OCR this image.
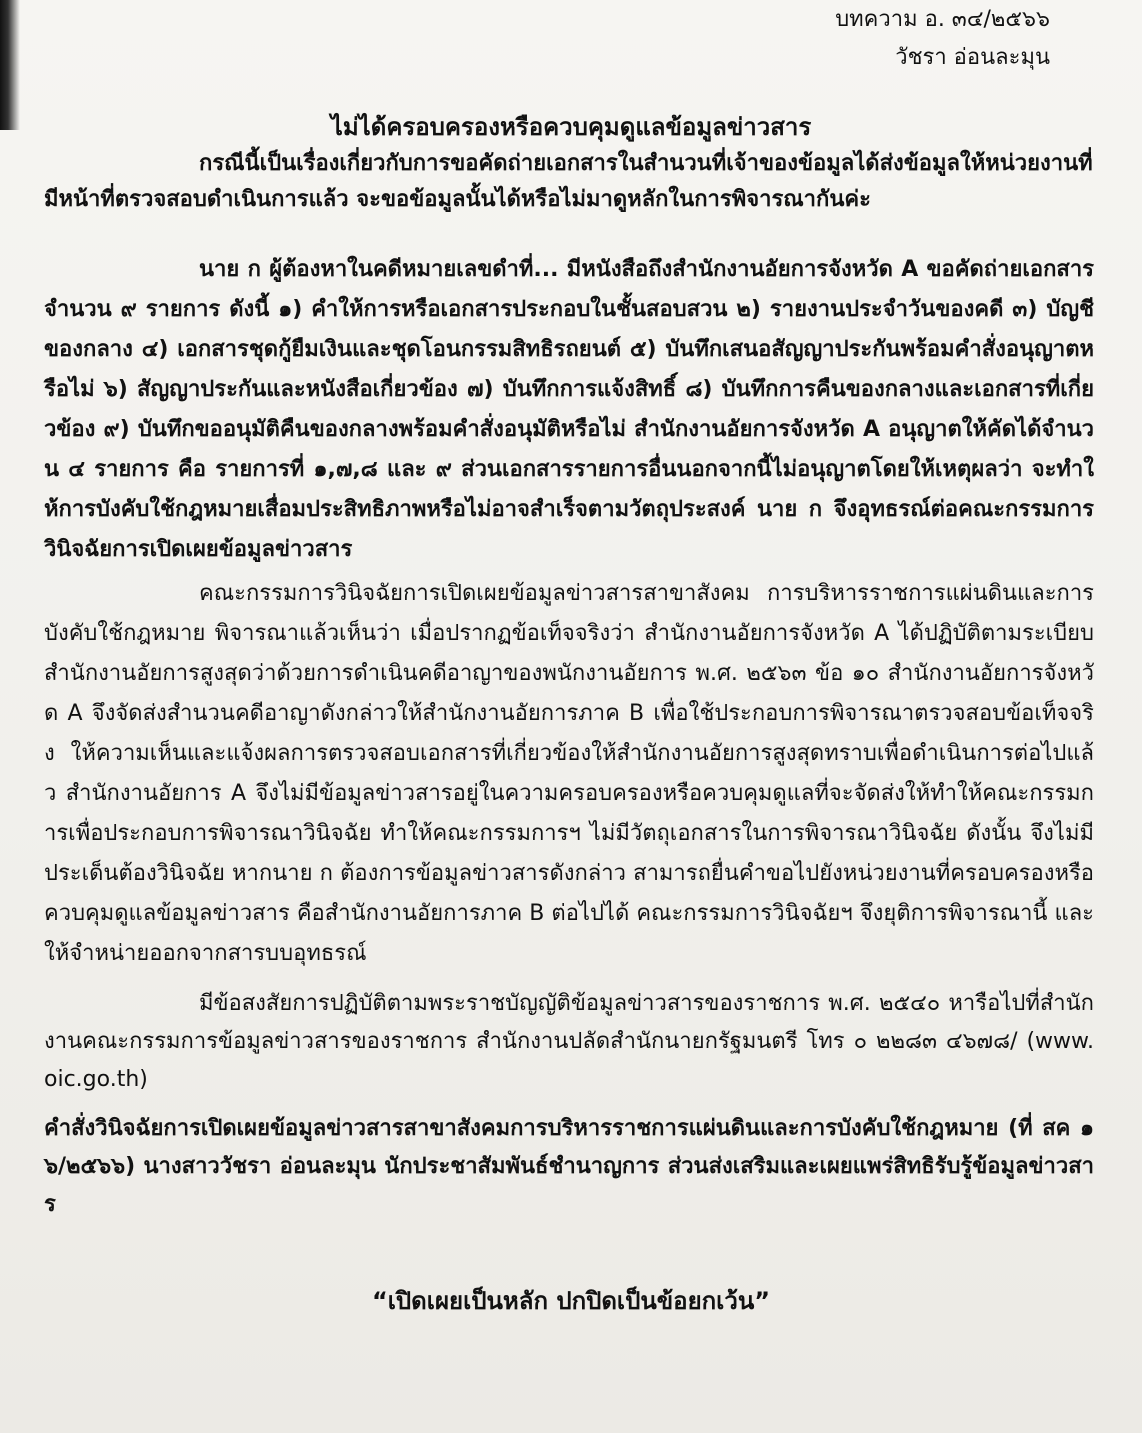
บทความ อ. ๓๔/๒๕๖๖
วัชรา อ่อนละมุน
ไม่ได้ครอบครองหรือควบคุมดูแลข้อมูลข่าวสาร

กรณีนี้เป็นเรื่องเกี่ยวกับการขอคัดถ่ายเอกสารในสำนวนที่เจ้าของข้อมูลได้ส่งข้อมูลให้หน่วยงานที่มีหน้าที่ตรวจสอบดำเนินการแล้ว จะขอข้อมูลนั้นได้หรือไม่มาดูหลักในการพิจารณากันค่ะ

นาย ก ผู้ต้องหาในคดีหมายเลขดำที่... มีหนังสือถึงสำนักงานอัยการจังหวัด A ขอคัดถ่ายเอกสาร จำนวน ๙ รายการ ดังนี้ ๑) คำให้การหรือเอกสารประกอบในชั้นสอบสวน ๒) รายงานประจำวันของคดี ๓) บัญชีของกลาง ๔) เอกสารชุดกู้ยืมเงินและชุดโอนกรรมสิทธิรถยนต์ ๕) บันทึกเสนอสัญญาประกันพร้อมคำสั่งอนุญาตหรือไม่ ๖) สัญญาประกันและหนังสือเกี่ยวข้อง ๗) บันทึกการแจ้งสิทธิ์ ๘) บันทึกการคืนของกลางและเอกสารที่เกี่ยวข้อง ๙) บันทึกขออนุมัติคืนของกลางพร้อมคำสั่งอนุมัติหรือไม่ สำนักงานอัยการจังหวัด A อนุญาตให้คัดได้จำนวน ๔ รายการ คือ รายการที่ ๑,๗,๘ และ ๙ ส่วนเอกสารรายการอื่นนอกจากนี้ไม่อนุญาตโดยให้เหตุผลว่า จะทำให้การบังคับใช้กฎหมายเสื่อมประสิทธิภาพหรือไม่อาจสำเร็จตามวัตถุประสงค์ นาย ก จึงอุทธรณ์ต่อคณะกรรมการวินิจฉัยการเปิดเผยข้อมูลข่าวสาร

คณะกรรมการวินิจฉัยการเปิดเผยข้อมูลข่าวสารสาขาสังคม การบริหารราชการแผ่นดินและการบังคับใช้กฎหมาย พิจารณาแล้วเห็นว่า เมื่อปรากฏข้อเท็จจริงว่า สำนักงานอัยการจังหวัด A ได้ปฏิบัติตามระเบียบสำนักงานอัยการสูงสุดว่าด้วยการดำเนินคดีอาญาของพนักงานอัยการ พ.ศ. ๒๕๖๓ ข้อ ๑๐ สำนักงานอัยการจังหวัด A จึงจัดส่งสำนวนคดีอาญาดังกล่าวให้สำนักงานอัยการภาค B เพื่อใช้ประกอบการพิจารณาตรวจสอบข้อเท็จจริง ให้ความเห็นและแจ้งผลการตรวจสอบเอกสารที่เกี่ยวข้องให้สำนักงานอัยการสูงสุดทราบเพื่อดำเนินการต่อไปแล้ว สำนักงานอัยการ A จึงไม่มีข้อมูลข่าวสารอยู่ในความครอบครองหรือควบคุมดูแลที่จะจัดส่งให้ทำให้คณะกรรมการเพื่อประกอบการพิจารณาวินิจฉัย ทำให้คณะกรรมการฯ ไม่มีวัตถุเอกสารในการพิจารณาวินิจฉัย ดังนั้น จึงไม่มีประเด็นต้องวินิจฉัย หากนาย ก ต้องการข้อมูลข่าวสารดังกล่าว สามารถยื่นคำขอไปยังหน่วยงานที่ครอบครองหรือควบคุมดูแลข้อมูลข่าวสาร คือสำนักงานอัยการภาค B ต่อไปได้ คณะกรรมการวินิจฉัยฯ จึงยุติการพิจารณานี้ และให้จำหน่ายออกจากสารบบอุทธรณ์

มีข้อสงสัยการปฏิบัติตามพระราชบัญญัติข้อมูลข่าวสารของราชการ พ.ศ. ๒๕๔๐ หารือไปที่สำนักงานคณะกรรมการข้อมูลข่าวสารของราชการ สำนักงานปลัดสำนักนายกรัฐมนตรี โทร ๐ ๒๒๘๓ ๔๖๗๘/ (www.oic.go.th)

คำสั่งวินิจฉัยการเปิดเผยข้อมูลข่าวสารสาขาสังคมการบริหารราชการแผ่นดินและการบังคับใช้กฎหมาย (ที่ สค ๑๖/๒๕๖๖) นางสาววัชรา อ่อนละมุน นักประชาสัมพันธ์ชำนาญการ ส่วนส่งเสริมและเผยแพร่สิทธิรับรู้ข้อมูลข่าวสาร

“เปิดเผยเป็นหลัก ปกปิดเป็นข้อยกเว้น”
